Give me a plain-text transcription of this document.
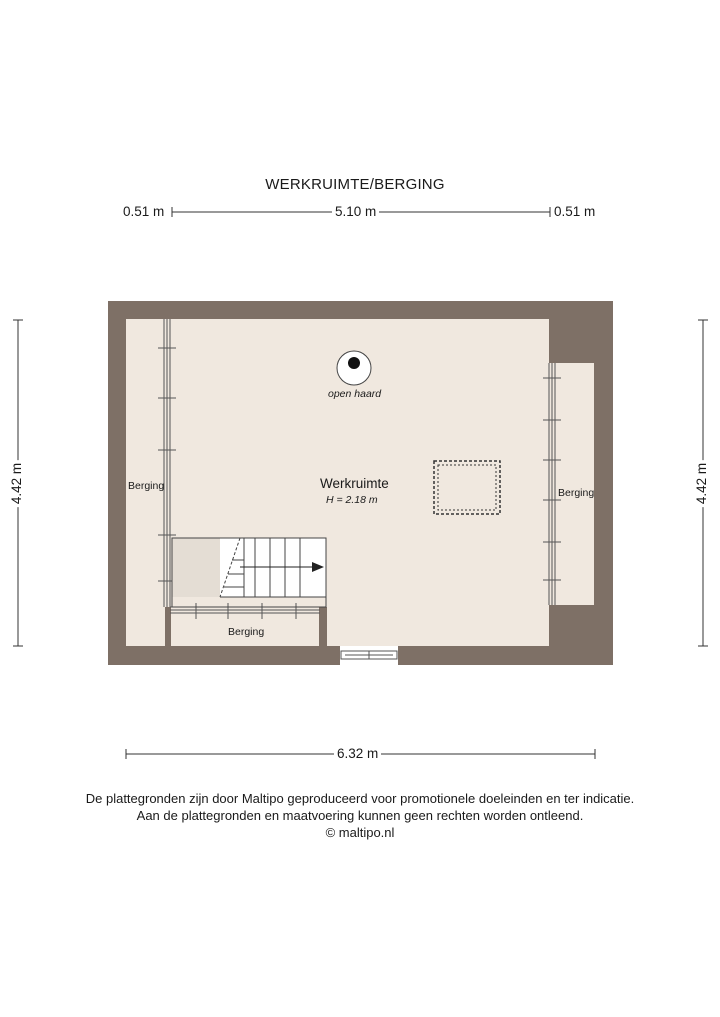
WERKRUIMTE/BERGING
0.51 m	5.10 m	0.51 m
4.42 m	4.42 m
6.32 m
Werkruimte
H = 2.18 m
open haard
Berging
Berging
Berging
De plattegronden zijn door Maltipo geproduceerd voor promotionele doeleinden en ter indicatie.
Aan de plattegronden en maatvoering kunnen geen rechten worden ontleend.
© maltipo.nl
